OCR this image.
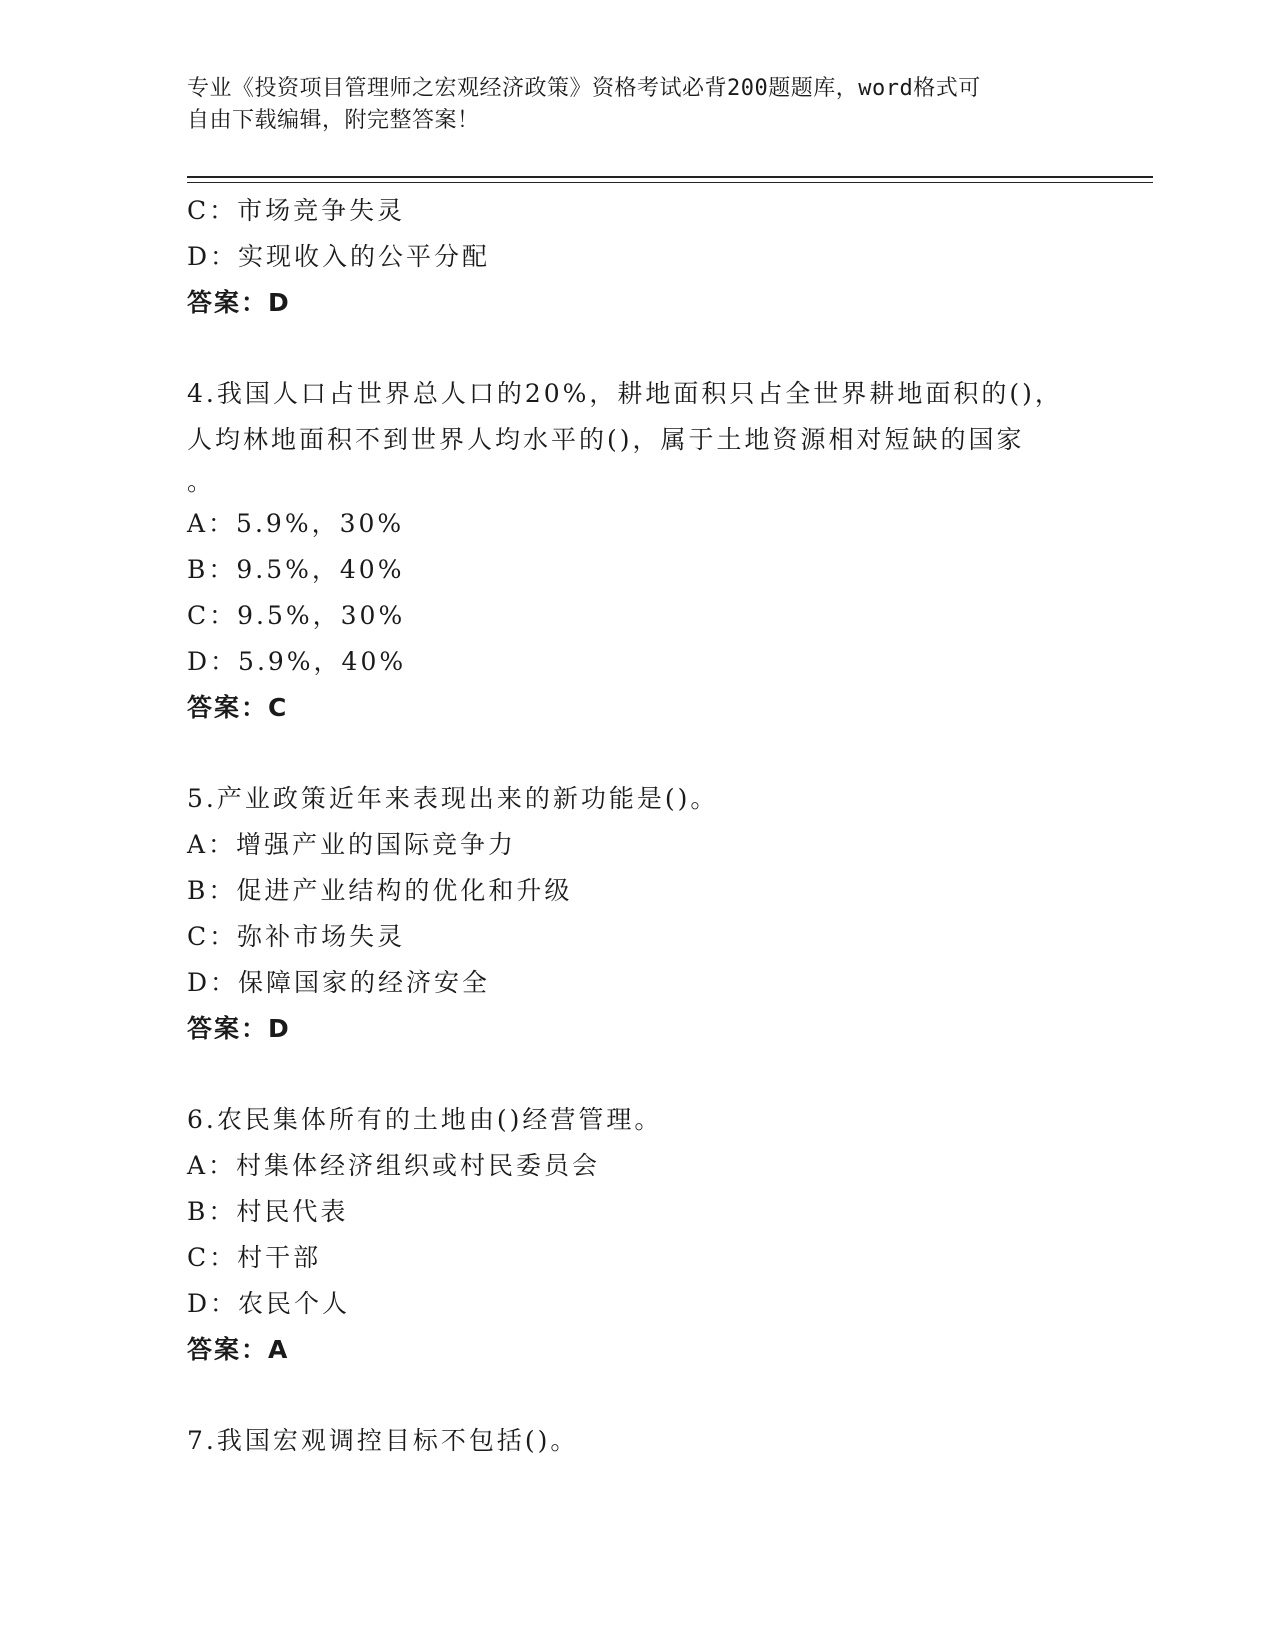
专业《投资项目管理师之宏观经济政策》资格考试必背200题题库，word格式可
自由下载编辑，附完整答案！
C：市场竞争失灵
D：实现收入的公平分配
答案：D
4.我国人口占世界总人口的20%，耕地面积只占全世界耕地面积的()，
人均林地面积不到世界人均水平的()，属于土地资源相对短缺的国家
。
A：5.9%，30%
B：9.5%，40%
C：9.5%，30%
D：5.9%，40%
答案：C
5.产业政策近年来表现出来的新功能是()。
A：增强产业的国际竞争力
B：促进产业结构的优化和升级
C：弥补市场失灵
D：保障国家的经济安全
答案：D
6.农民集体所有的土地由()经营管理。
A：村集体经济组织或村民委员会
B：村民代表
C：村干部
D：农民个人
答案：A
7.我国宏观调控目标不包括()。
